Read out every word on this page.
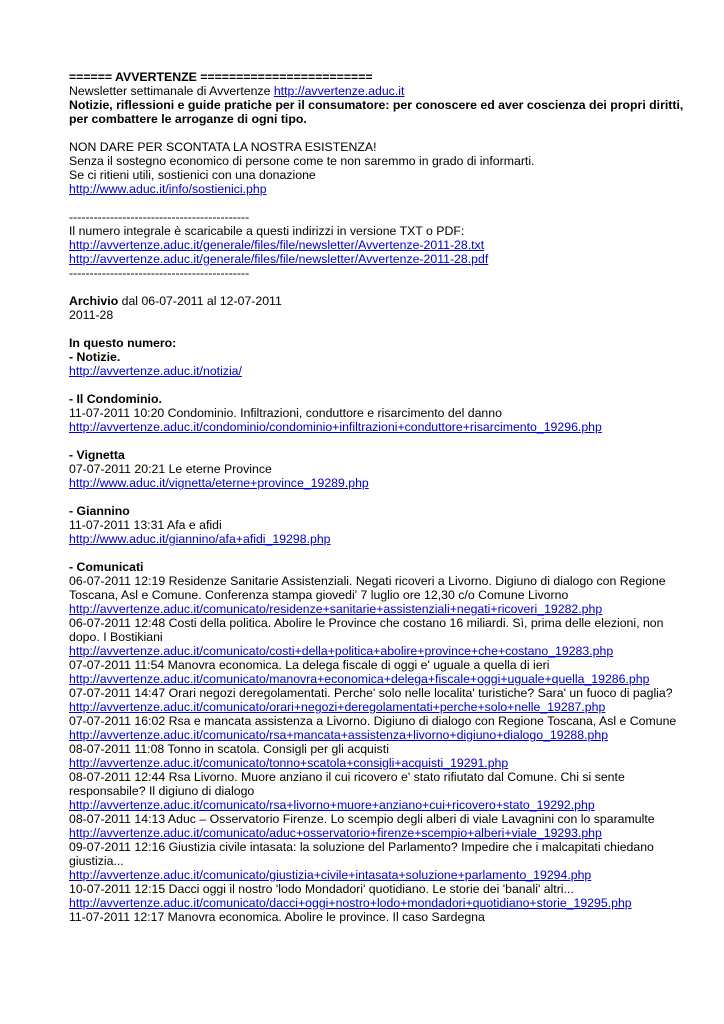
====== AVVERTENZE ========================
Newsletter settimanale di Avvertenze http://avvertenze.aduc.it
Notizie, riflessioni e guide pratiche per il consumatore: per conoscere ed aver coscienza dei propri diritti, per combattere le arroganze di ogni tipo.
NON DARE PER SCONTATA LA NOSTRA ESISTENZA!
Senza il sostegno economico di persone come te non saremmo in grado di informarti.
Se ci ritieni utili, sostienici con una donazione
http://www.aduc.it/info/sostienici.php
--------------------------------------------
Il numero integrale è scaricabile a questi indirizzi in versione TXT o PDF:
http://avvertenze.aduc.it/generale/files/file/newsletter/Avvertenze-2011-28.txt
http://avvertenze.aduc.it/generale/files/file/newsletter/Avvertenze-2011-28.pdf
--------------------------------------------
Archivio dal 06-07-2011 al 12-07-2011
2011-28
In questo numero:
- Notizie.
http://avvertenze.aduc.it/notizia/
- Il Condominio.
11-07-2011 10:20 Condominio. Infiltrazioni, conduttore e risarcimento del danno
http://avvertenze.aduc.it/condominio/condominio+infiltrazioni+conduttore+risarcimento_19296.php
- Vignetta
07-07-2011 20:21 Le eterne Province
http://www.aduc.it/vignetta/eterne+province_19289.php
- Giannino
11-07-2011 13:31 Afa e afidi
http://www.aduc.it/giannino/afa+afidi_19298.php
- Comunicati
06-07-2011 12:19 Residenze Sanitarie Assistenziali. Negati ricoveri a Livorno. Digiuno di dialogo con Regione Toscana, Asl e Comune. Conferenza stampa giovedi' 7 luglio ore 12,30 c/o Comune Livorno
http://avvertenze.aduc.it/comunicato/residenze+sanitarie+assistenziali+negati+ricoveri_19282.php
06-07-2011 12:48 Costi della politica. Abolire le Province che costano 16 miliardi. Sì, prima delle elezioni, non dopo. I Bostikiani
http://avvertenze.aduc.it/comunicato/costi+della+politica+abolire+province+che+costano_19283.php
07-07-2011 11:54 Manovra economica. La delega fiscale di oggi e' uguale a quella di ieri
http://avvertenze.aduc.it/comunicato/manovra+economica+delega+fiscale+oggi+uguale+quella_19286.php
07-07-2011 14:47 Orari negozi deregolamentati. Perche' solo nelle localita' turistiche? Sara' un fuoco di paglia?
http://avvertenze.aduc.it/comunicato/orari+negozi+deregolamentati+perche+solo+nelle_19287.php
07-07-2011 16:02 Rsa e mancata assistenza a Livorno. Digiuno di dialogo con Regione Toscana, Asl e Comune
http://avvertenze.aduc.it/comunicato/rsa+mancata+assistenza+livorno+digiuno+dialogo_19288.php
08-07-2011 11:08 Tonno in scatola. Consigli per gli acquisti
http://avvertenze.aduc.it/comunicato/tonno+scatola+consigli+acquisti_19291.php
08-07-2011 12:44 Rsa Livorno. Muore anziano il cui ricovero e' stato rifiutato dal Comune. Chi si sente responsabile? Il digiuno di dialogo
http://avvertenze.aduc.it/comunicato/rsa+livorno+muore+anziano+cui+ricovero+stato_19292.php
08-07-2011 14:13 Aduc – Osservatorio Firenze. Lo scempio degli alberi di viale Lavagnini con lo sparamulte
http://avvertenze.aduc.it/comunicato/aduc+osservatorio+firenze+scempio+alberi+viale_19293.php
09-07-2011 12:16 Giustizia civile intasata: la soluzione del Parlamento? Impedire che i malcapitati chiedano giustizia...
http://avvertenze.aduc.it/comunicato/giustizia+civile+intasata+soluzione+parlamento_19294.php
10-07-2011 12:15 Dacci oggi il nostro 'lodo Mondadori' quotidiano. Le storie dei 'banali' altri...
http://avvertenze.aduc.it/comunicato/dacci+oggi+nostro+lodo+mondadori+quotidiano+storie_19295.php
11-07-2011 12:17 Manovra economica. Abolire le province. Il caso Sardegna
